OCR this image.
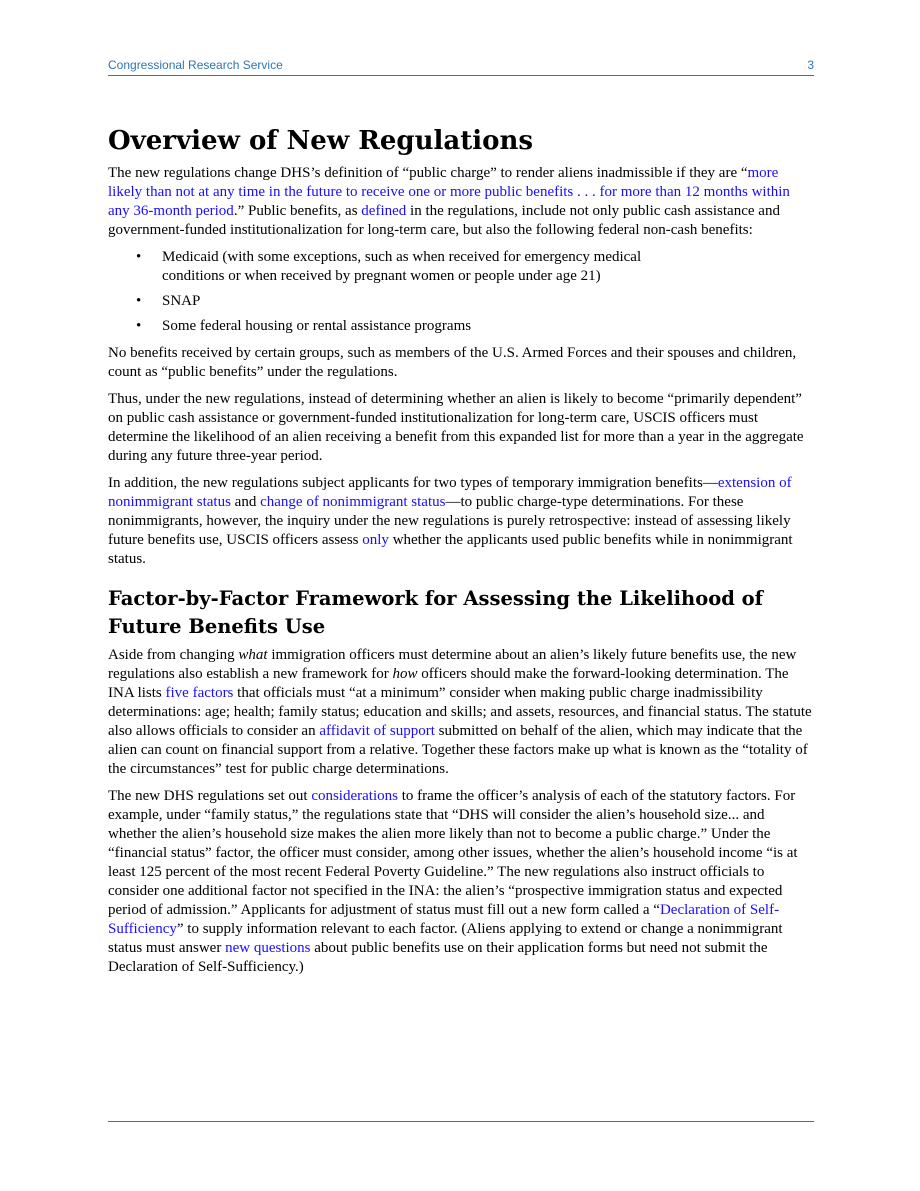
Congressional Research Service	3
Overview of New Regulations

The new regulations change DHS’s definition of “public charge” to render aliens inadmissible if they are “more likely than not at any time in the future to receive one or more public benefits . . . for more than 12 months within any 36-month period.” Public benefits, as defined in the regulations, include not only public cash assistance and government-funded institutionalization for long-term care, but also the following federal non-cash benefits:

• Medicaid (with some exceptions, such as when received for emergency medical
conditions or when received by pregnant women or people under age 21)
• SNAP
• Some federal housing or rental assistance programs

No benefits received by certain groups, such as members of the U.S. Armed Forces and their spouses and children, count as “public benefits” under the regulations.

Thus, under the new regulations, instead of determining whether an alien is likely to become “primarily dependent” on public cash assistance or government-funded institutionalization for long-term care, USCIS officers must determine the likelihood of an alien receiving a benefit from this expanded list for more than a year in the aggregate during any future three-year period.

In addition, the new regulations subject applicants for two types of temporary immigration benefits—extension of nonimmigrant status and change of nonimmigrant status—to public charge-type determinations. For these nonimmigrants, however, the inquiry under the new regulations is purely retrospective: instead of assessing likely future benefits use, USCIS officers assess only whether the applicants used public benefits while in nonimmigrant status.

Factor-by-Factor Framework for Assessing the Likelihood of Future Benefits Use

Aside from changing what immigration officers must determine about an alien’s likely future benefits use, the new regulations also establish a new framework for how officers should make the forward-looking determination. The INA lists five factors that officials must “at a minimum” consider when making public charge inadmissibility determinations: age; health; family status; education and skills; and assets, resources, and financial status. The statute also allows officials to consider an affidavit of support submitted on behalf of the alien, which may indicate that the alien can count on financial support from a relative. Together these factors make up what is known as the “totality of the circumstances” test for public charge determinations.

The new DHS regulations set out considerations to frame the officer’s analysis of each of the statutory factors. For example, under “family status,” the regulations state that “DHS will consider the alien’s household size... and whether the alien’s household size makes the alien more likely than not to become a public charge.” Under the “financial status” factor, the officer must consider, among other issues, whether the alien’s household income “is at least 125 percent of the most recent Federal Poverty Guideline.” The new regulations also instruct officials to consider one additional factor not specified in the INA: the alien’s “prospective immigration status and expected period of admission.” Applicants for adjustment of status must fill out a new form called a “Declaration of Self-Sufficiency” to supply information relevant to each factor. (Aliens applying to extend or change a nonimmigrant status must answer new questions about public benefits use on their application forms but need not submit the Declaration of Self-Sufficiency.)
